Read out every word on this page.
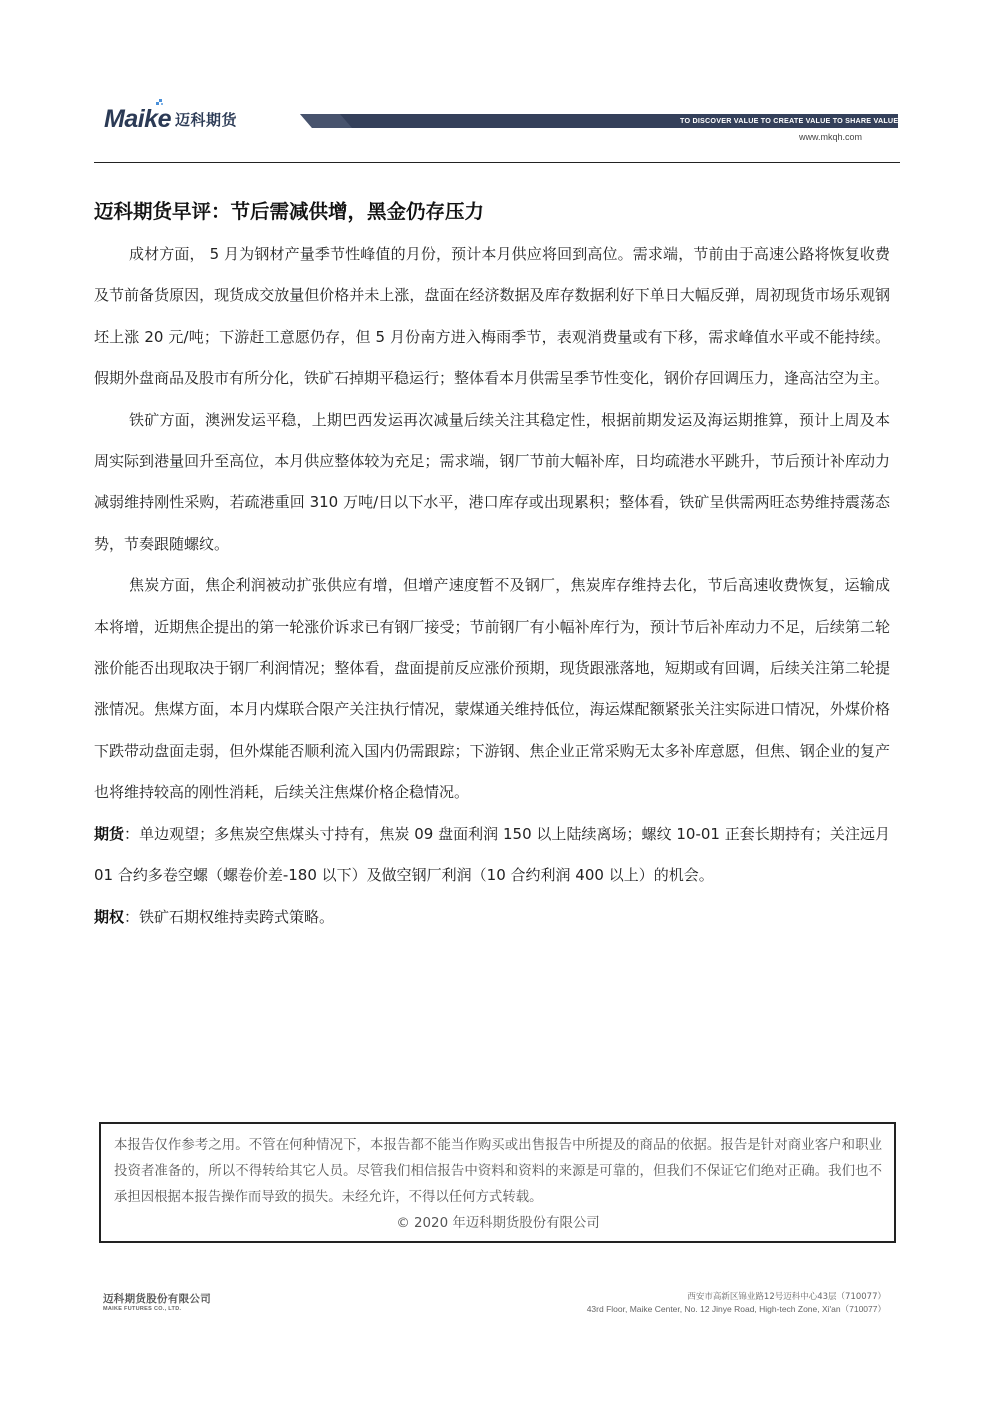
Maike 迈科期货	TO DISCOVER VALUE TO CREATE VALUE TO SHARE VALUE
www.mkqh.com
迈科期货早评：节后需减供增，黑金仍存压力

成材方面， 5 月为钢材产量季节性峰值的月份，预计本月供应将回到高位。需求端，节前由于高速公路将恢复收费及节前备货原因，现货成交放量但价格并未上涨，盘面在经济数据及库存数据利好下单日大幅反弹，周初现货市场乐观钢坯上涨 20 元/吨；下游赶工意愿仍存，但 5 月份南方进入梅雨季节，表观消费量或有下移，需求峰值水平或不能持续。假期外盘商品及股市有所分化，铁矿石掉期平稳运行；整体看本月供需呈季节性变化，钢价存回调压力，逢高沽空为主。

铁矿方面，澳洲发运平稳，上期巴西发运再次减量后续关注其稳定性，根据前期发运及海运期推算，预计上周及本周实际到港量回升至高位，本月供应整体较为充足；需求端，钢厂节前大幅补库，日均疏港水平跳升，节后预计补库动力减弱维持刚性采购，若疏港重回 310 万吨/日以下水平，港口库存或出现累积；整体看，铁矿呈供需两旺态势维持震荡态势，节奏跟随螺纹。

焦炭方面，焦企利润被动扩张供应有增，但增产速度暂不及钢厂，焦炭库存维持去化，节后高速收费恢复，运输成本将增，近期焦企提出的第一轮涨价诉求已有钢厂接受；节前钢厂有小幅补库行为，预计节后补库动力不足，后续第二轮涨价能否出现取决于钢厂利润情况；整体看，盘面提前反应涨价预期，现货跟涨落地，短期或有回调，后续关注第二轮提涨情况。焦煤方面，本月内煤联合限产关注执行情况，蒙煤通关维持低位，海运煤配额紧张关注实际进口情况，外煤价格下跌带动盘面走弱，但外煤能否顺利流入国内仍需跟踪；下游钢、焦企业正常采购无太多补库意愿，但焦、钢企业的复产也将维持较高的刚性消耗，后续关注焦煤价格企稳情况。

期货：单边观望；多焦炭空焦煤头寸持有，焦炭 09 盘面利润 150 以上陆续离场；螺纹 10-01 正套长期持有；关注远月 01 合约多卷空螺（螺卷价差-180 以下）及做空钢厂利润（10 合约利润 400 以上）的机会。

期权：铁矿石期权维持卖跨式策略。

本报告仅作参考之用。不管在何种情况下，本报告都不能当作购买或出售报告中所提及的商品的依据。报告是针对商业客户和职业投资者准备的，所以不得转给其它人员。尽管我们相信报告中资料和资料的来源是可靠的，但我们不保证它们绝对正确。我们也不承担因根据本报告操作而导致的损失。未经允许，不得以任何方式转载。

© 2020 年迈科期货股份有限公司
迈科期货股份有限公司
MAIKE FUTURES CO., LTD.
西安市高新区锦业路12号迈科中心43层（710077）
43rd Floor, Maike Center, No. 12 Jinye Road, High-tech Zone, Xi'an（710077）
